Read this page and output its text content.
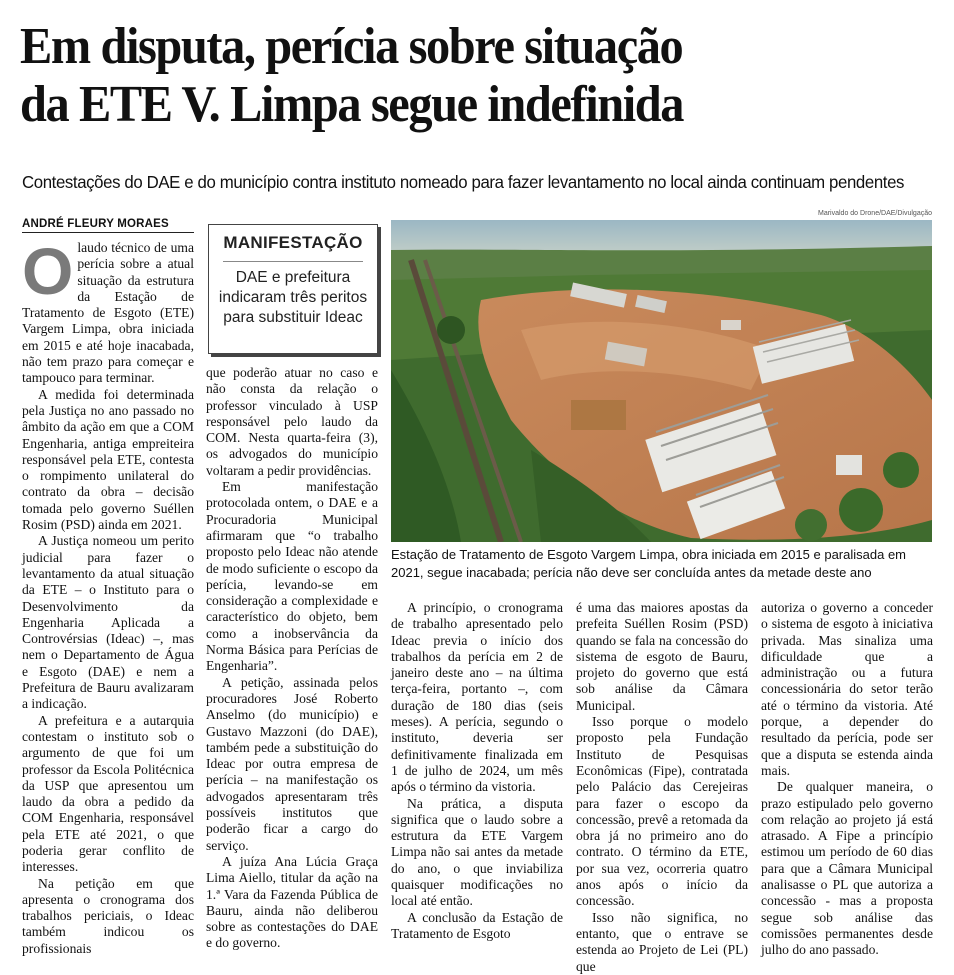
Em disputa, perícia sobre situação
da ETE V. Limpa segue indefinida
Contestações do DAE e do município contra instituto nomeado para fazer levantamento no local ainda continuam pendentes
ANDRÉ FLEURY MORAES

Olaudo técnico de uma perícia sobre a atual situação da estrutura da Estação de Tratamento de Esgoto (ETE) Vargem Limpa, obra iniciada em 2015 e até hoje inacabada, não tem prazo para começar e tampouco para terminar.

A medida foi determinada pela Justiça no ano passado no âmbito da ação em que a COM Engenharia, antiga empreiteira responsável pela ETE, contesta o rompimento unilateral do contrato da obra – decisão tomada pelo governo Suéllen Rosim (PSD) ainda em 2021.

A Justiça nomeou um perito judicial para fazer o levantamento da atual situação da ETE – o Instituto para o Desenvolvimento da Engenharia Aplicada a Controvérsias (Ideac) –, mas nem o Departamento de Água e Esgoto (DAE) e nem a Prefeitura de Bauru avalizaram a indicação.

A prefeitura e a autarquia contestam o instituto sob o argumento de que foi um professor da Escola Politécnica da USP que apresentou um laudo da obra a pedido da COM Engenharia, responsável pela ETE até 2021, o que poderia gerar conflito de interesses.

Na petição em que apresenta o cronograma dos trabalhos periciais, o Ideac também indicou os profissionais

MANIFESTAÇÃO
DAE e prefeitura indicaram três peritos para substituir Ideac

que poderão atuar no caso e não consta da relação o professor vinculado à USP responsável pelo laudo da COM. Nesta quarta-feira (3), os advogados do município voltaram a pedir providências.

Em manifestação protocolada ontem, o DAE e a Procuradoria Municipal afirmaram que “o trabalho proposto pelo Ideac não atende de modo suficiente o escopo da perícia, levando-se em consideração a complexidade e característico do objeto, bem como a inobservância da Norma Básica para Perícias de Engenharia”.

A petição, assinada pelos procuradores José Roberto Anselmo (do município) e Gustavo Mazzoni (do DAE), também pede a substituição do Ideac por outra empresa de perícia – na manifestação os advogados apresentaram três possíveis institutos que poderão ficar a cargo do serviço.

A juíza Ana Lúcia Graça Lima Aiello, titular da ação na 1.ª Vara da Fazenda Pública de Bauru, ainda não deliberou sobre as contestações do DAE e do governo.

Marivaldo do Drone/DAE/Divulgação
Estação de Tratamento de Esgoto Vargem Limpa, obra iniciada em 2015 e paralisada em 2021, segue inacabada; perícia não deve ser concluída antes da metade deste ano

A princípio, o cronograma de trabalho apresentado pelo Ideac previa o início dos trabalhos da perícia em 2 de janeiro deste ano – na última terça-feira, portanto –, com duração de 180 dias (seis meses). A perícia, segundo o instituto, deveria ser definitivamente finalizada em 1 de julho de 2024, um mês após o término da vistoria.

Na prática, a disputa significa que o laudo sobre a estrutura da ETE Vargem Limpa não sai antes da metade do ano, o que inviabiliza quaisquer modificações no local até então.

A conclusão da Estação de Tratamento de Esgoto

é uma das maiores apostas da prefeita Suéllen Rosim (PSD) quando se fala na concessão do sistema de esgoto de Bauru, projeto do governo que está sob análise da Câmara Municipal.

Isso porque o modelo proposto pela Fundação Instituto de Pesquisas Econômicas (Fipe), contratada pelo Palácio das Cerejeiras para fazer o escopo da concessão, prevê a retomada da obra já no primeiro ano do contrato. O término da ETE, por sua vez, ocorreria quatro anos após o início da concessão.

Isso não significa, no entanto, que o entrave se estenda ao Projeto de Lei (PL) que

autoriza o governo a conceder o sistema de esgoto à iniciativa privada. Mas sinaliza uma dificuldade que a administração ou a futura concessionária do setor terão até o término da vistoria. Até porque, a depender do resultado da perícia, pode ser que a disputa se estenda ainda mais.

De qualquer maneira, o prazo estipulado pelo governo com relação ao projeto já está atrasado. A Fipe a princípio estimou um período de 60 dias para que a Câmara Municipal analisasse o PL que autoriza a concessão - mas a proposta segue sob análise das comissões permanentes desde julho do ano passado.
